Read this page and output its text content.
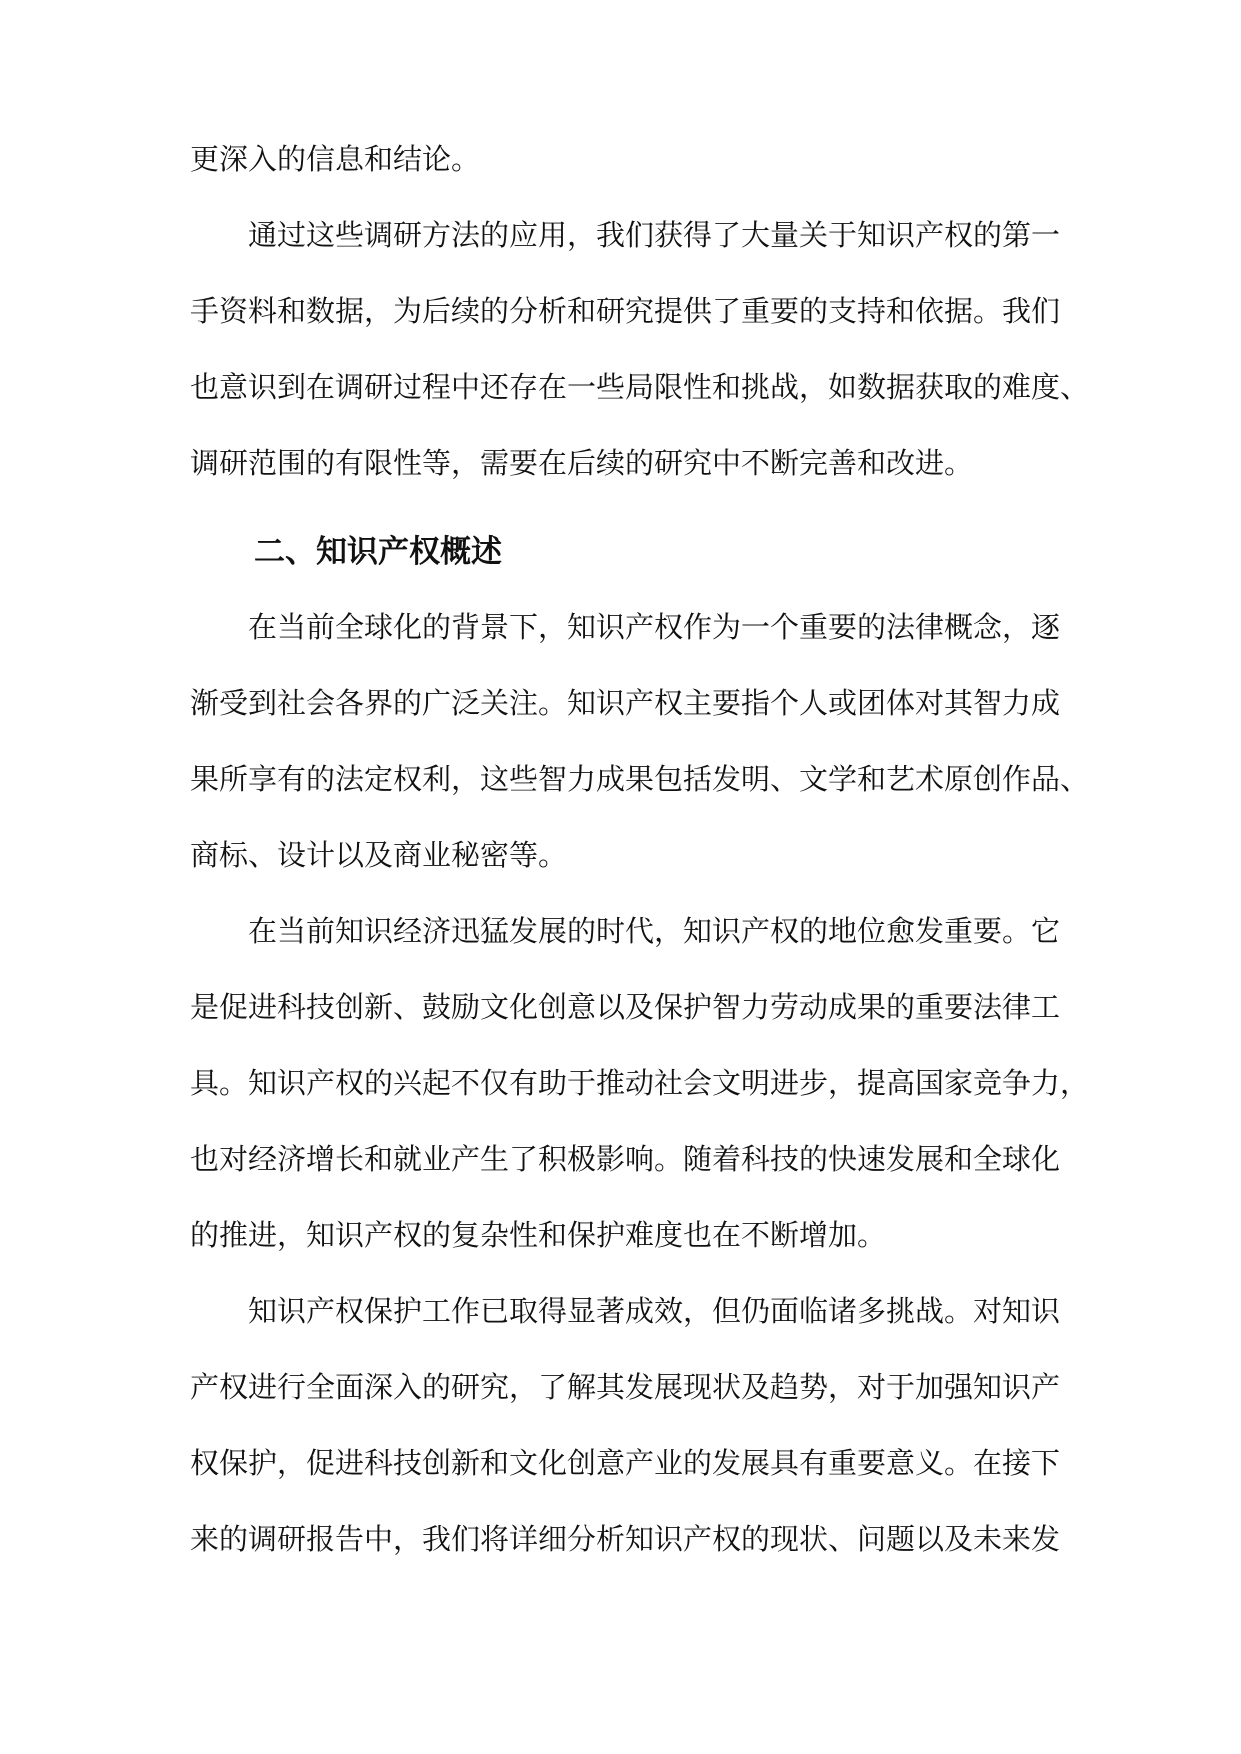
更深入的信息和结论。
通过这些调研方法的应用，我们获得了大量关于知识产权的第一
手资料和数据，为后续的分析和研究提供了重要的支持和依据。我们
也意识到在调研过程中还存在一些局限性和挑战，如数据获取的难度、
调研范围的有限性等，需要在后续的研究中不断完善和改进。
二、知识产权概述
在当前全球化的背景下，知识产权作为一个重要的法律概念，逐
渐受到社会各界的广泛关注。知识产权主要指个人或团体对其智力成
果所享有的法定权利，这些智力成果包括发明、文学和艺术原创作品、
商标、设计以及商业秘密等。
在当前知识经济迅猛发展的时代，知识产权的地位愈发重要。它
是促进科技创新、鼓励文化创意以及保护智力劳动成果的重要法律工
具。知识产权的兴起不仅有助于推动社会文明进步，提高国家竞争力，
也对经济增长和就业产生了积极影响。随着科技的快速发展和全球化
的推进，知识产权的复杂性和保护难度也在不断增加。
知识产权保护工作已取得显著成效，但仍面临诸多挑战。对知识
产权进行全面深入的研究，了解其发展现状及趋势，对于加强知识产
权保护，促进科技创新和文化创意产业的发展具有重要意义。在接下
来的调研报告中，我们将详细分析知识产权的现状、问题以及未来发
